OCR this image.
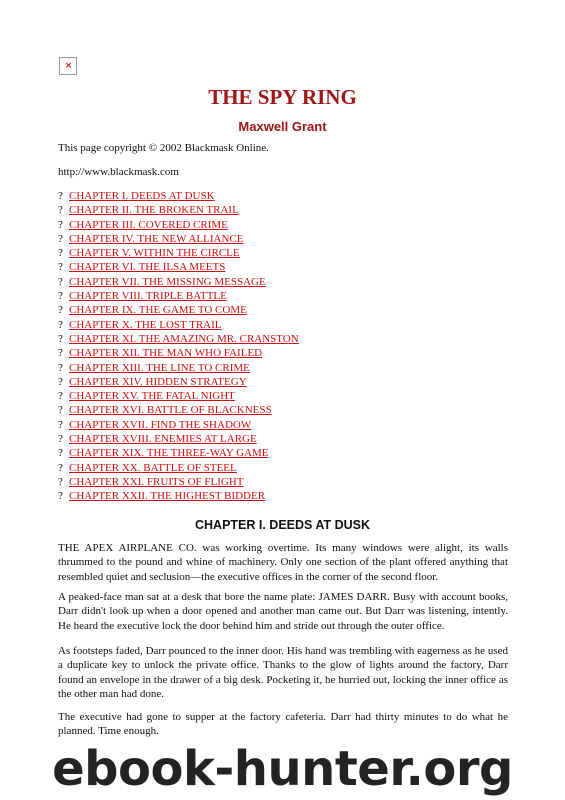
×
THE SPY RING
Maxwell Grant

This page copyright © 2002 Blackmask Online.

http://www.blackmask.com

? CHAPTER I. DEEDS AT DUSK
? CHAPTER II. THE BROKEN TRAIL
? CHAPTER III. COVERED CRIME
? CHAPTER IV. THE NEW ALLIANCE
? CHAPTER V. WITHIN THE CIRCLE
? CHAPTER VI. THE ILSA MEETS
? CHAPTER VII. THE MISSING MESSAGE
? CHAPTER VIII. TRIPLE BATTLE
? CHAPTER IX. THE GAME TO COME
? CHAPTER X. THE LOST TRAIL
? CHAPTER XI. THE AMAZING MR. CRANSTON
? CHAPTER XII. THE MAN WHO FAILED
? CHAPTER XIII. THE LINE TO CRIME
? CHAPTER XIV. HIDDEN STRATEGY
? CHAPTER XV. THE FATAL NIGHT
? CHAPTER XVI. BATTLE OF BLACKNESS
? CHAPTER XVII. FIND THE SHADOW
? CHAPTER XVIII. ENEMIES AT LARGE
? CHAPTER XIX. THE THREE-WAY GAME
? CHAPTER XX. BATTLE OF STEEL
? CHAPTER XXI. FRUITS OF FLIGHT
? CHAPTER XXII. THE HIGHEST BIDDER
CHAPTER I. DEEDS AT DUSK

THE APEX AIRPLANE CO. was working overtime. Its many windows were alight, its walls thrummed to the pound and whine of machinery. Only one section of the plant offered anything that resembled quiet and seclusion—the executive offices in the corner of the second floor.

A peaked-face man sat at a desk that bore the name plate: JAMES DARR. Busy with account books, Darr didn't look up when a door opened and another man came out. But Darr was listening, intently. He heard the executive lock the door behind him and stride out through the outer office.

As footsteps faded, Darr pounced to the inner door. His hand was trembling with eagerness as he used a duplicate key to unlock the private office. Thanks to the glow of lights around the factory, Darr found an envelope in the drawer of a big desk. Pocketing it, he hurried out, locking the inner office as the other man had done.

The executive had gone to supper at the factory cafeteria. Darr had thirty minutes to do what he planned. Time enough.

ebook-hunter.org
